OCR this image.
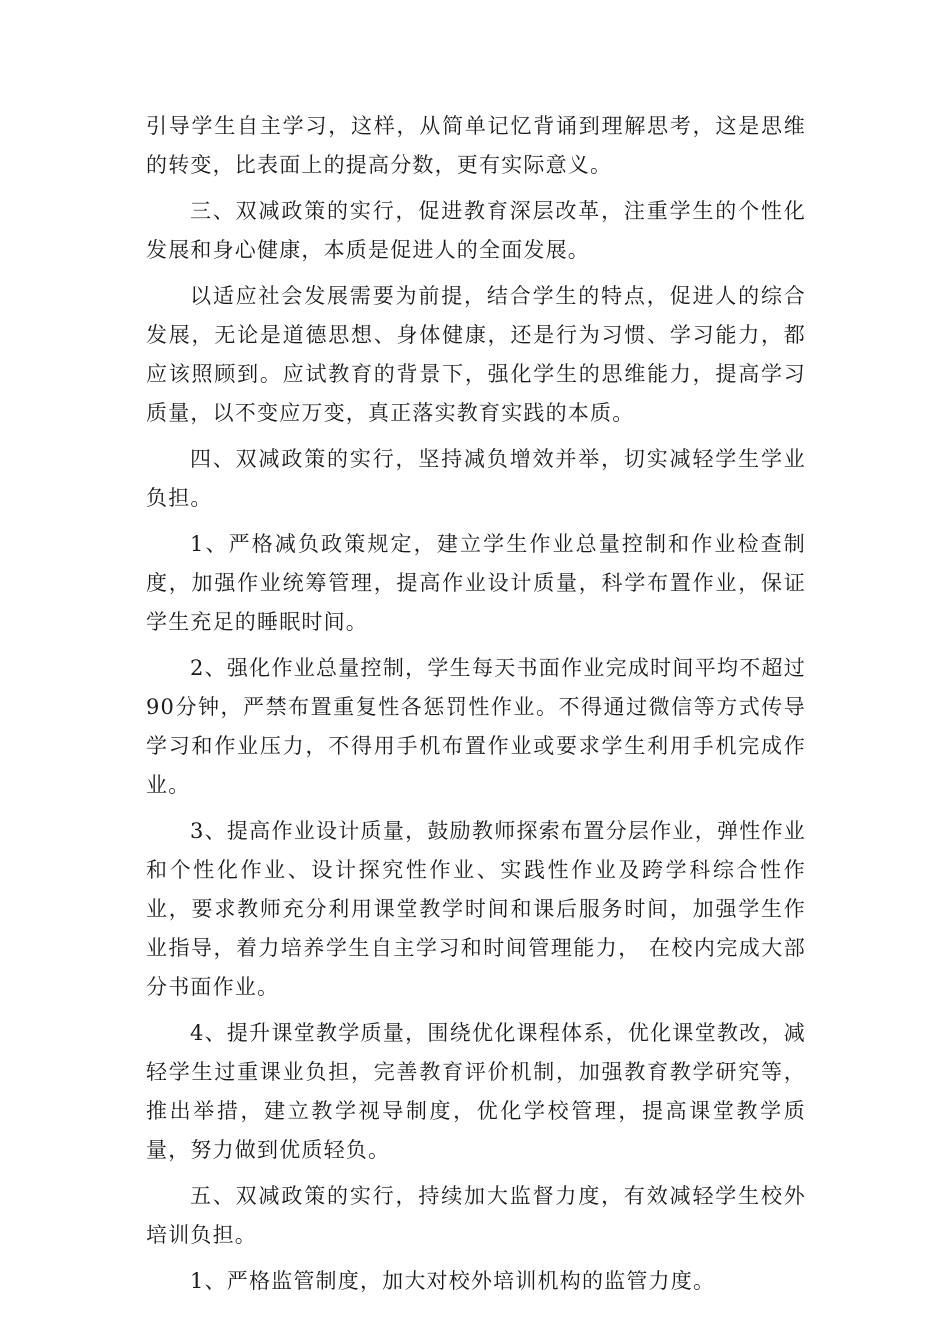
引导学生自主学习，这样，从简单记忆背诵到理解思考，这是思维的转变，比表面上的提高分数，更有实际意义。

三、双减政策的实行，促进教育深层改革，注重学生的个性化发展和身心健康，本质是促进人的全面发展。

以适应社会发展需要为前提，结合学生的特点，促进人的综合发展，无论是道德思想、身体健康，还是行为习惯、学习能力，都应该照顾到。应试教育的背景下，强化学生的思维能力，提高学习质量，以不变应万变，真正落实教育实践的本质。

四、双减政策的实行，坚持减负增效并举，切实减轻学生学业负担。

1、严格减负政策规定，建立学生作业总量控制和作业检查制度，加强作业统筹管理，提高作业设计质量，科学布置作业，保证学生充足的睡眠时间。

2、强化作业总量控制，学生每天书面作业完成时间平均不超过90分钟，严禁布置重复性各惩罚性作业。不得通过微信等方式传导学习和作业压力，不得用手机布置作业或要求学生利用手机完成作业。

3、提高作业设计质量，鼓励教师探索布置分层作业，弹性作业和个性化作业、设计探究性作业、实践性作业及跨学科综合性作业，要求教师充分利用课堂教学时间和课后服务时间，加强学生作业指导，着力培养学生自主学习和时间管理能力， 在校内完成大部分书面作业。

4、提升课堂教学质量，围绕优化课程体系，优化课堂教改，减轻学生过重课业负担，完善教育评价机制，加强教育教学研究等，推出举措，建立教学视导制度，优化学校管理，提高课堂教学质量，努力做到优质轻负。

五、双减政策的实行，持续加大监督力度，有效减轻学生校外培训负担。

1、严格监管制度，加大对校外培训机构的监管力度。
